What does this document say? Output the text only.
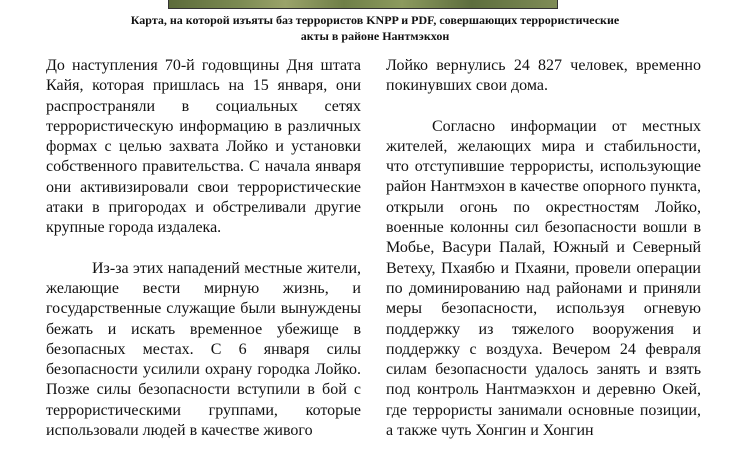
Карта, на которой изъяты баз террористов KNPP и PDF, совершающих террористические акты в районе Нантмэкхон

До наступления 70-й годовщины Дня штата Кайя, которая пришлась на 15 января, они распространяли в социальных сетях террористическую информацию в различных формах с целью захвата Лойко и установки собственного правительства. С начала января они активизировали свои террористические атаки в пригородах и обстреливали другие крупные города издалека.

Из-за этих нападений местные жители, желающие вести мирную жизнь, и государственные служащие были вынуждены бежать и искать временное убежище в безопасных местах. С 6 января силы безопасности усилили охрану городка Лойко. Позже силы безопасности вступили в бой с террористическими группами, которые использовали людей в качестве живого

Лойко вернулись 24 827 человек, временно покинувших свои дома.

Согласно информации от местных жителей, желающих мира и стабильности, что отступившие террористы, использующие район Нантмэхон в качестве опорного пункта, открыли огонь по окрестностям Лойко, военные колонны сил безопасности вошли в Мобье, Васури Палай, Южный и Северный Ветеху, Пхаябю и Пхаяни, провели операции по доминированию над районами и приняли меры безопасности, используя огневую поддержку из тяжелого вооружения и поддержку с воздуха. Вечером 24 февраля силам безопасности удалось занять и взять под контроль Нантмаэкхон и деревню Окей, где террористы занимали основные позиции, а также чуть Хонгин и Хонгин
